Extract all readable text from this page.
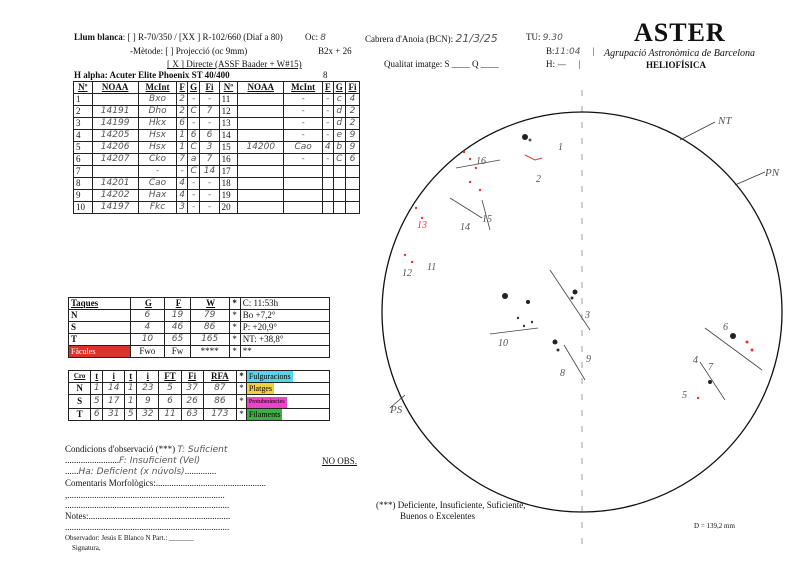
Llum blanca: [ ] R-70/350 / [XX ] R-102/660 (Diaf a 80) Oc: 8
-Mètode: [ ] Projecció (oc 9mm)	B2x + 26
[ X ] Directe (ASSF Baader + W#15)
H alpha: Acuter Elite Phoenix ST 40/400	8
Cabrera d'Anoia (BCN): 21/3/25
Qualitat imatge: S ____ Q ____
TU: 9.30
B:11:04 |
H: — |
ASTER
Agrupació Astronòmica de Barcelona
HELIOFÍSICA
Nº	NOAA	McInt	F	G	Fi	Nº	NOAA	McInt	F	G	Fi
1		Bxo	2	-	-	11		-	-	c	4
2	14191	Dho	2	C	7	12		-	-	d	2
3	14199	Hkx	6	-	-	13		-	-	d	2
4	14205	Hsx	1	6	6	14		-	-	e	9
5	14206	Hsx	1	C	3	15	14200	Cao	4	b	9
6	14207	Cko	7	a	7	16		-	-	C	6
7		-	-	C	14	17					
8	14201	Cao	4	-	-	18					
9	14202	Hax	4	-	-	19					
10	14197	Fkc	3	-	-	20					
Taques	G	F	W	*	C: 11:53h
N	6	19	79	*	Bo +7,2°
S	4	46	86	*	P: +20,9°
T	10	65	165	*	NT: +38,8°
Fàcules	Fwo	Fw	****	*	**
Cro	t	i	t	i	FT	Fi	RFA	*	Fulguracions
N	1	14	1	23	5	37	87	*	Platges
S	5	17	1	9	6	26	86	*	Protuberàncies
T	6	31	5	32	11	63	173	*	Filaments
Condicions d'observació (***) T: Suficient
........................F: Insuficient (Vel)
......Ha: Deficient (x núvols)..............
NO OBS.
Comentaris Morfològics:.................................................
,......................................................................
.........................................................................
Notes:...............................................................
.........................................................................
Observador: Jesús E Blanco N Part.: _______
Signatura,
(***) Deficiente, Insuficiente, Suficiente,
Buenos o Excelentes
D = 139,2 mm
NT
PN
PS
1
2
16
14
15
13
12
11
3
10
8
9
6
4
5
7
